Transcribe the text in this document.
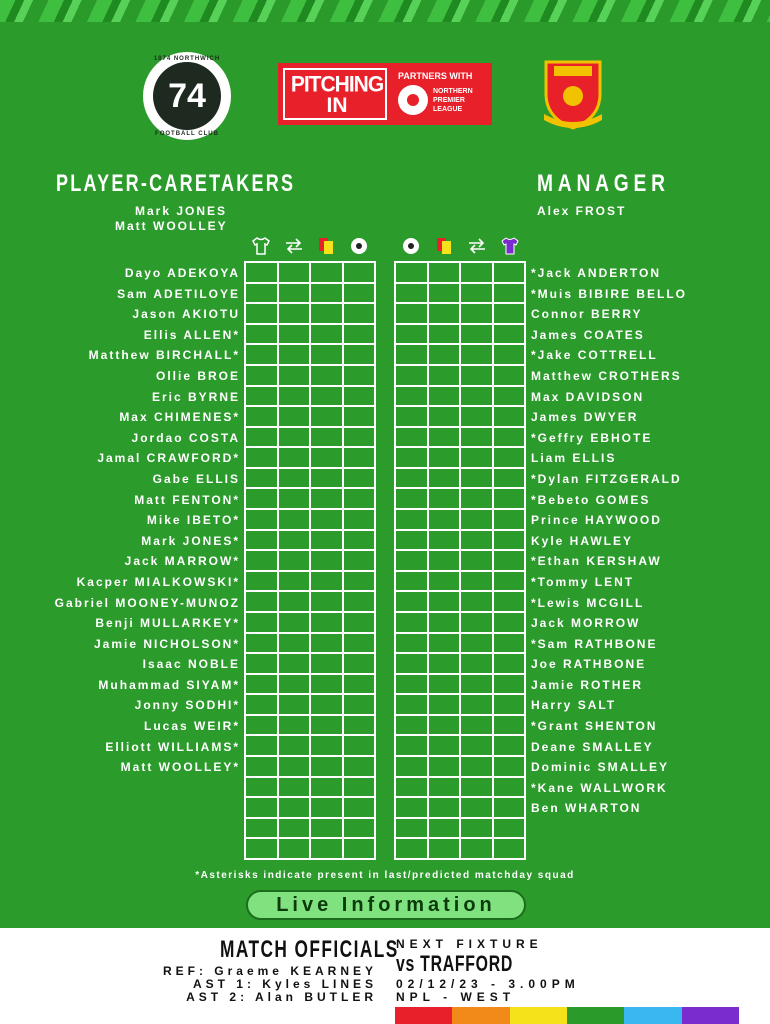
1874 NORTHWICH
74
FOOTBALL CLUB
PITCHING
IN
PARTNERS WITH
NORTHERN PREMIER LEAGUE
PLAYER-CARETAKERS	MANAGER
Mark JONES
Matt WOOLLEY
Alex FROST
Dayo ADEKOYA
Sam ADETILOYE
Jason AKIOTU
Ellis ALLEN*
Matthew BIRCHALL*
Ollie BROE
Eric BYRNE
Max CHIMENES*
Jordao COSTA
Jamal CRAWFORD*
Gabe ELLIS
Matt FENTON*
Mike IBETO*
Mark JONES*
Jack MARROW*
Kacper MIALKOWSKI*
Gabriel MOONEY-MUNOZ
Benji MULLARKEY*
Jamie NICHOLSON*
Isaac NOBLE
Muhammad SIYAM*
Jonny SODHI*
Lucas WEIR*
Elliott WILLIAMS*
Matt WOOLLEY*
*Jack ANDERTON
*Muis BIBIRE BELLO
Connor BERRY
James COATES
*Jake COTTRELL
Matthew CROTHERS
Max DAVIDSON
James DWYER
*Geffry EBHOTE
Liam ELLIS
*Dylan FITZGERALD
*Bebeto GOMES
Prince HAYWOOD
Kyle HAWLEY
*Ethan KERSHAW
*Tommy LENT
*Lewis MCGILL
Jack MORROW
*Sam RATHBONE
Joe RATHBONE
Jamie ROTHER
Harry SALT
*Grant SHENTON
Deane SMALLEY
Dominic SMALLEY
*Kane WALLWORK
Ben WHARTON
*Asterisks indicate present in last/predicted matchday squad
Live Information
MATCH OFFICIALS
REF: Graeme KEARNEY
AST 1: Kyles LINES
AST 2: Alan BUTLER
NEXT FIXTURE
vs TRAFFORD
02/12/23 - 3.00PM
NPL - WEST
